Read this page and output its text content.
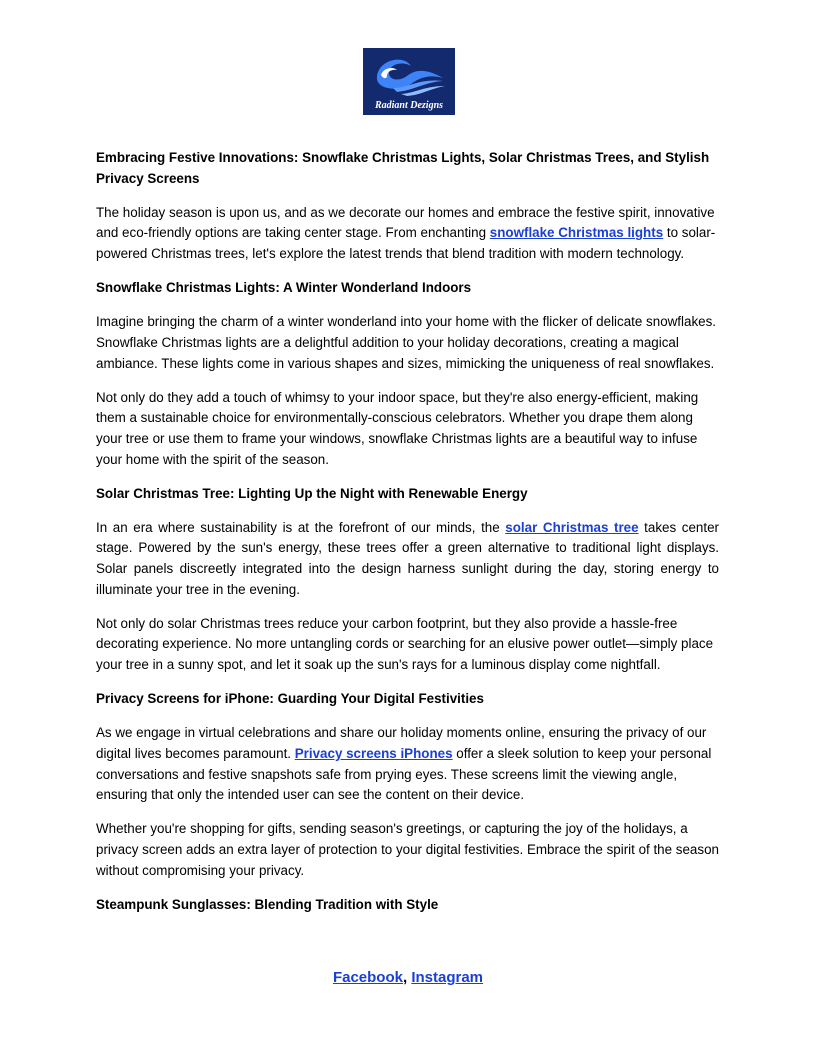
Radiant Dezigns
Embracing Festive Innovations: Snowflake Christmas Lights, Solar Christmas Trees, and Stylish Privacy Screens

The holiday season is upon us, and as we decorate our homes and embrace the festive spirit, innovative and eco-friendly options are taking center stage. From enchanting snowflake Christmas lights to solar-powered Christmas trees, let's explore the latest trends that blend tradition with modern technology.

Snowflake Christmas Lights: A Winter Wonderland Indoors

Imagine bringing the charm of a winter wonderland into your home with the flicker of delicate snowflakes. Snowflake Christmas lights are a delightful addition to your holiday decorations, creating a magical ambiance. These lights come in various shapes and sizes, mimicking the uniqueness of real snowflakes.

Not only do they add a touch of whimsy to your indoor space, but they're also energy-efficient, making them a sustainable choice for environmentally-conscious celebrators. Whether you drape them along your tree or use them to frame your windows, snowflake Christmas lights are a beautiful way to infuse your home with the spirit of the season.

Solar Christmas Tree: Lighting Up the Night with Renewable Energy

In an era where sustainability is at the forefront of our minds, the solar Christmas tree takes center stage. Powered by the sun's energy, these trees offer a green alternative to traditional light displays. Solar panels discreetly integrated into the design harness sunlight during the day, storing energy to illuminate your tree in the evening.

Not only do solar Christmas trees reduce your carbon footprint, but they also provide a hassle-free decorating experience. No more untangling cords or searching for an elusive power outlet—simply place your tree in a sunny spot, and let it soak up the sun's rays for a luminous display come nightfall.

Privacy Screens for iPhone: Guarding Your Digital Festivities

As we engage in virtual celebrations and share our holiday moments online, ensuring the privacy of our digital lives becomes paramount. Privacy screens iPhones offer a sleek solution to keep your personal conversations and festive snapshots safe from prying eyes. These screens limit the viewing angle, ensuring that only the intended user can see the content on their device.

Whether you're shopping for gifts, sending season's greetings, or capturing the joy of the holidays, a privacy screen adds an extra layer of protection to your digital festivities. Embrace the spirit of the season without compromising your privacy.

Steampunk Sunglasses: Blending Tradition with Style
Facebook, Instagram
